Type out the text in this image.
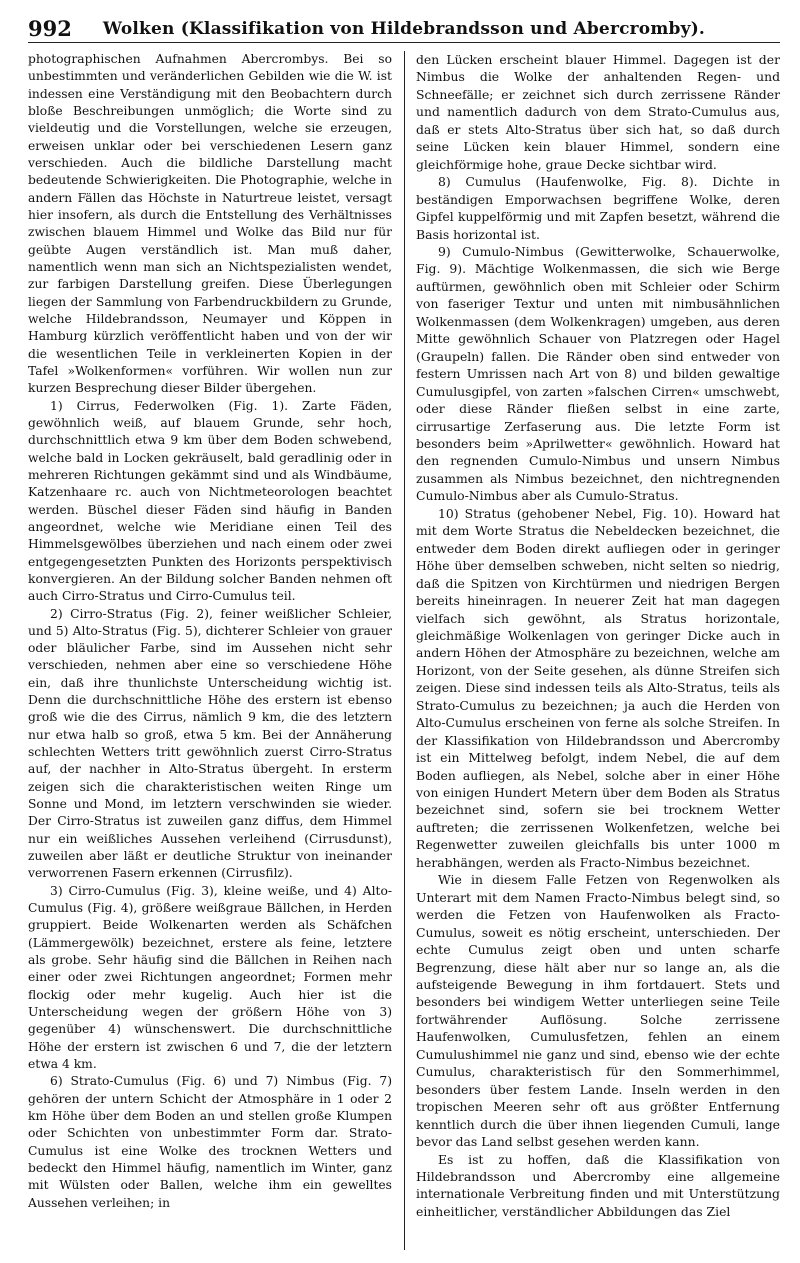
992	Wolken (Klassifikation von Hildebrandsson und Abercromby).

photographischen Aufnahmen Abercrombys. Bei so unbestimmten und veränderlichen Gebilden wie die W. ist indessen eine Verständigung mit den Beobachtern durch bloße Beschreibungen unmöglich; die Worte sind zu vieldeutig und die Vorstellungen, welche sie erzeugen, erweisen unklar oder bei verschiedenen Lesern ganz verschieden. Auch die bildliche Darstellung macht bedeutende Schwierigkeiten. Die Photographie, welche in andern Fällen das Höchste in Naturtreue leistet, versagt hier insofern, als durch die Entstellung des Verhältnisses zwischen blauem Himmel und Wolke das Bild nur für geübte Augen verständlich ist. Man muß daher, namentlich wenn man sich an Nichtspezialisten wendet, zur farbigen Darstellung greifen. Diese Überlegungen liegen der Sammlung von Farbendruckbildern zu Grunde, welche Hildebrandsson, Neumayer und Köppen in Hamburg kürzlich veröffentlicht haben und von der wir die wesentlichen Teile in verkleinerten Kopien in der Tafel »Wolkenformen« vorführen. Wir wollen nun zur kurzen Besprechung dieser Bilder übergehen.

1) Cirrus, Federwolken (Fig. 1). Zarte Fäden, gewöhnlich weiß, auf blauem Grunde, sehr hoch, durchschnittlich etwa 9 km über dem Boden schwebend, welche bald in Locken gekräuselt, bald geradlinig oder in mehreren Richtungen gekämmt sind und als Windbäume, Katzenhaare rc. auch von Nichtmeteorologen beachtet werden. Büschel dieser Fäden sind häufig in Banden angeordnet, welche wie Meridiane einen Teil des Himmelsgewölbes überziehen und nach einem oder zwei entgegengesetzten Punkten des Horizonts perspektivisch konvergieren. An der Bildung solcher Banden nehmen oft auch Cirro-Stratus und Cirro-Cumulus teil.

2) Cirro-Stratus (Fig. 2), feiner weißlicher Schleier, und 5) Alto-Stratus (Fig. 5), dichterer Schleier von grauer oder bläulicher Farbe, sind im Aussehen nicht sehr verschieden, nehmen aber eine so verschiedene Höhe ein, daß ihre thunlichste Unterscheidung wichtig ist. Denn die durchschnittliche Höhe des erstern ist ebenso groß wie die des Cirrus, nämlich 9 km, die des letztern nur etwa halb so groß, etwa 5 km. Bei der Annäherung schlechten Wetters tritt gewöhnlich zuerst Cirro-Stratus auf, der nachher in Alto-Stratus übergeht. In ersterm zeigen sich die charakteristischen weiten Ringe um Sonne und Mond, im letztern verschwinden sie wieder. Der Cirro-Stratus ist zuweilen ganz diffus, dem Himmel nur ein weißliches Aussehen verleihend (Cirrusdunst), zuweilen aber läßt er deutliche Struktur von ineinander verworrenen Fasern erkennen (Cirrusfilz).

3) Cirro-Cumulus (Fig. 3), kleine weiße, und 4) Alto-Cumulus (Fig. 4), größere weißgraue Bällchen, in Herden gruppiert. Beide Wolkenarten werden als Schäfchen (Lämmergewölk) bezeichnet, erstere als feine, letztere als grobe. Sehr häufig sind die Bällchen in Reihen nach einer oder zwei Richtungen angeordnet; Formen mehr flockig oder mehr kugelig. Auch hier ist die Unterscheidung wegen der größern Höhe von 3) gegenüber 4) wünschenswert. Die durchschnittliche Höhe der erstern ist zwischen 6 und 7, die der letztern etwa 4 km.

6) Strato-Cumulus (Fig. 6) und 7) Nimbus (Fig. 7) gehören der untern Schicht der Atmosphäre in 1 oder 2 km Höhe über dem Boden an und stellen große Klumpen oder Schichten von unbestimmter Form dar. Strato-Cumulus ist eine Wolke des trocknen Wetters und bedeckt den Himmel häufig, namentlich im Winter, ganz mit Wülsten oder Ballen, welche ihm ein gewelltes Aussehen verleihen; in

den Lücken erscheint blauer Himmel. Dagegen ist der Nimbus die Wolke der anhaltenden Regen- und Schneefälle; er zeichnet sich durch zerrissene Ränder und namentlich dadurch von dem Strato-Cumulus aus, daß er stets Alto-Stratus über sich hat, so daß durch seine Lücken kein blauer Himmel, sondern eine gleichförmige hohe, graue Decke sichtbar wird.

8) Cumulus (Haufenwolke, Fig. 8). Dichte in beständigen Emporwachsen begriffene Wolke, deren Gipfel kuppelförmig und mit Zapfen besetzt, während die Basis horizontal ist.

9) Cumulo-Nimbus (Gewitterwolke, Schauerwolke, Fig. 9). Mächtige Wolkenmassen, die sich wie Berge auftürmen, gewöhnlich oben mit Schleier oder Schirm von faseriger Textur und unten mit nimbusähnlichen Wolkenmassen (dem Wolkenkragen) umgeben, aus deren Mitte gewöhnlich Schauer von Platzregen oder Hagel (Graupeln) fallen. Die Ränder oben sind entweder von festern Umrissen nach Art von 8) und bilden gewaltige Cumulusgipfel, von zarten »falschen Cirren« umschwebt, oder diese Ränder fließen selbst in eine zarte, cirrusartige Zerfaserung aus. Die letzte Form ist besonders beim »Aprilwetter« gewöhnlich. Howard hat den regnenden Cumulo-Nimbus und unsern Nimbus zusammen als Nimbus bezeichnet, den nichtregnenden Cumulo-Nimbus aber als Cumulo-Stratus.

10) Stratus (gehobener Nebel, Fig. 10). Howard hat mit dem Worte Stratus die Nebeldecken bezeichnet, die entweder dem Boden direkt aufliegen oder in geringer Höhe über demselben schweben, nicht selten so niedrig, daß die Spitzen von Kirchtürmen und niedrigen Bergen bereits hineinragen. In neuerer Zeit hat man dagegen vielfach sich gewöhnt, als Stratus horizontale, gleichmäßige Wolkenlagen von geringer Dicke auch in andern Höhen der Atmosphäre zu bezeichnen, welche am Horizont, von der Seite gesehen, als dünne Streifen sich zeigen. Diese sind indessen teils als Alto-Stratus, teils als Strato-Cumulus zu bezeichnen; ja auch die Herden von Alto-Cumulus erscheinen von ferne als solche Streifen. In der Klassifikation von Hildebrandsson und Abercromby ist ein Mittelweg befolgt, indem Nebel, die auf dem Boden aufliegen, als Nebel, solche aber in einer Höhe von einigen Hundert Metern über dem Boden als Stratus bezeichnet sind, sofern sie bei trocknem Wetter auftreten; die zerrissenen Wolkenfetzen, welche bei Regenwetter zuweilen gleichfalls bis unter 1000 m herabhängen, werden als Fracto-Nimbus bezeichnet.

Wie in diesem Falle Fetzen von Regenwolken als Unterart mit dem Namen Fracto-Nimbus belegt sind, so werden die Fetzen von Haufenwolken als Fracto-Cumulus, soweit es nötig erscheint, unterschieden. Der echte Cumulus zeigt oben und unten scharfe Begrenzung, diese hält aber nur so lange an, als die aufsteigende Bewegung in ihm fortdauert. Stets und besonders bei windigem Wetter unterliegen seine Teile fortwährender Auflösung. Solche zerrissene Haufenwolken, Cumulusfetzen, fehlen an einem Cumulushimmel nie ganz und sind, ebenso wie der echte Cumulus, charakteristisch für den Sommerhimmel, besonders über festem Lande. Inseln werden in den tropischen Meeren sehr oft aus größter Entfernung kenntlich durch die über ihnen liegenden Cumuli, lange bevor das Land selbst gesehen werden kann.

Es ist zu hoffen, daß die Klassifikation von Hildebrandsson und Abercromby eine allgemeine internationale Verbreitung finden und mit Unterstützung einheitlicher, verständlicher Abbildungen das Ziel
